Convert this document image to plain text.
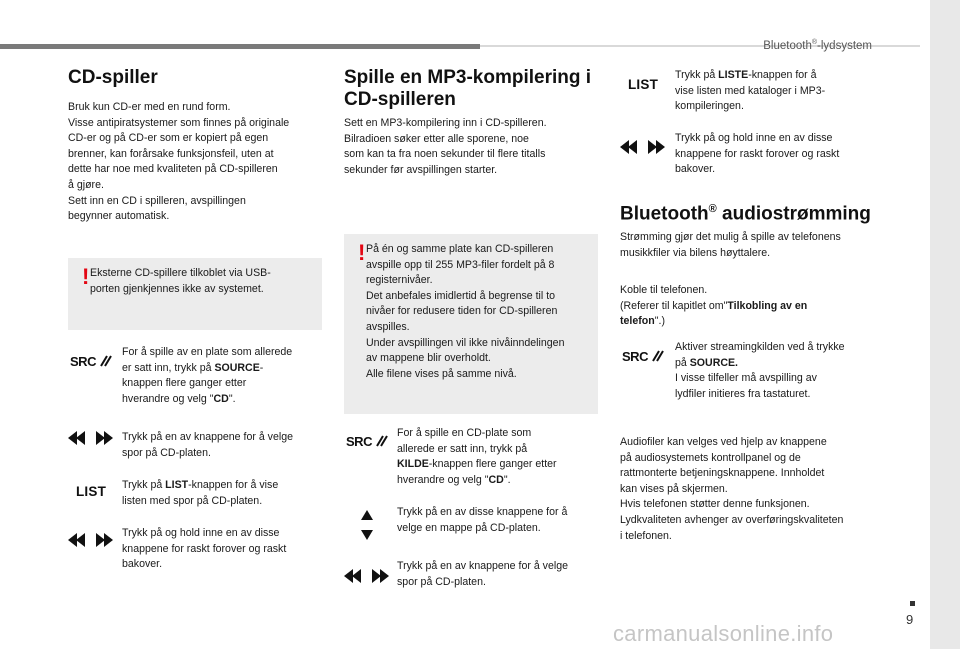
Bluetooth®-lydsystem
CD-spiller
Bruk kun CD-er med en rund form.
Visse antipiratsystemer som finnes på originale
CD-er og på CD-er som er kopiert på egen
brenner, kan forårsake funksjonsfeil, uten at
dette har noe med kvaliteten på CD-spilleren
å gjøre.
Sett inn en CD i spilleren, avspillingen
begynner automatisk.
! Eksterne CD-spillere tilkoblet via USB-
porten gjenkjennes ikke av systemet.
SRC
For å spille av en plate som allerede
er satt inn, trykk på SOURCE-
knappen flere ganger etter
hverandre og velg "CD".
Trykk på en av knappene for å velge
spor på CD-platen.
LIST	Trykk på LIST-knappen for å vise
listen med spor på CD-platen.
Trykk på og hold inne en av disse
knappene for raskt forover og raskt
bakover.
Spille en MP3-kompilering i
CD-spilleren
Sett en MP3-kompilering inn i CD-spilleren.
Bilradioen søker etter alle sporene, noe
som kan ta fra noen sekunder til flere titalls
sekunder før avspillingen starter.
! På én og samme plate kan CD-spilleren
avspille opp til 255 MP3-filer fordelt på 8
registernivåer.
Det anbefales imidlertid å begrense til to
nivåer for redusere tiden for CD-spilleren
avspilles.
Under avspillingen vil ikke nivåinndelingen
av mappene blir overholdt.
Alle filene vises på samme nivå.
SRC
For å spille en CD-plate som
allerede er satt inn, trykk på
KILDE-knappen flere ganger etter
hverandre og velg "CD".
Trykk på en av disse knappene for å
velge en mappe på CD-platen.
Trykk på en av knappene for å velge
spor på CD-platen.
LIST
Trykk på LISTE-knappen for å
vise listen med kataloger i MP3-
kompileringen.
Trykk på og hold inne en av disse
knappene for raskt forover og raskt
bakover.
Bluetooth® audiostrømming
Strømming gjør det mulig å spille av telefonens
musikkfiler via bilens høyttalere.
Koble til telefonen.
(Referer til kapitlet om"Tilkobling av en
telefon".)
SRC
Aktiver streamingkilden ved å trykke
på SOURCE.
I visse tilfeller må avspilling av
lydfiler initieres fra tastaturet.
Audiofiler kan velges ved hjelp av knappene
på audiosystemets kontrollpanel og de
rattmonterte betjeningsknappene. Innholdet
kan vises på skjermen.
Hvis telefonen støtter denne funksjonen.
Lydkvaliteten avhenger av overføringskvaliteten
i telefonen.
9
carmanualsonline.info
